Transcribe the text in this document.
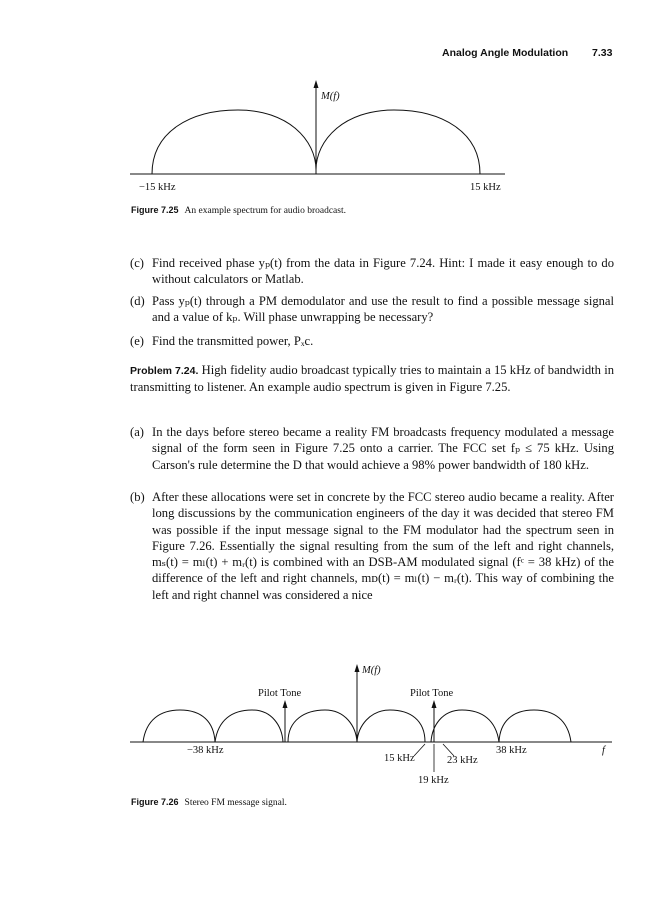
Analog Angle Modulation 7.33
M(f)
−15 kHz	15 kHz
Figure 7.25 An example spectrum for audio broadcast.
(c) Find received phase yₚ(t) from the data in Figure 7.24. Hint: I made it easy enough to do without calculators or Matlab.
(d) Pass yₚ(t) through a PM demodulator and use the result to find a possible message signal and a value of kₚ. Will phase unwrapping be necessary?
(e) Find the transmitted power, Pₓc.
Problem 7.24. High fidelity audio broadcast typically tries to maintain a 15 kHz of bandwidth in transmitting to listener. An example audio spectrum is given in Figure 7.25.
(a) In the days before stereo became a reality FM broadcasts frequency modulated a message signal of the form seen in Figure 7.25 onto a carrier. The FCC set fₚ ≤ 75 kHz. Using Carson's rule determine the D that would achieve a 98% power bandwidth of 180 kHz.
(b) After these allocations were set in concrete by the FCC stereo audio became a reality. After long discussions by the communication engineers of the day it was decided that stereo FM was possible if the input message signal to the FM modulator had the spectrum seen in Figure 7.26. Essentially the signal resulting from the sum of the left and right channels, mₛ(t) = mₗ(t) + mᵣ(t) is combined with an DSB-AM modulated signal (fᶜ = 38 kHz) of the difference of the left and right channels, mᴅ(t) = mₗ(t) − mᵣ(t). This way of combining the left and right channel was considered a nice
M(f)
Pilot Tone	Pilot Tone
−38 kHz
15 kHz	23 kHz
38 kHz
19 kHz
f
Figure 7.26 Stereo FM message signal.
